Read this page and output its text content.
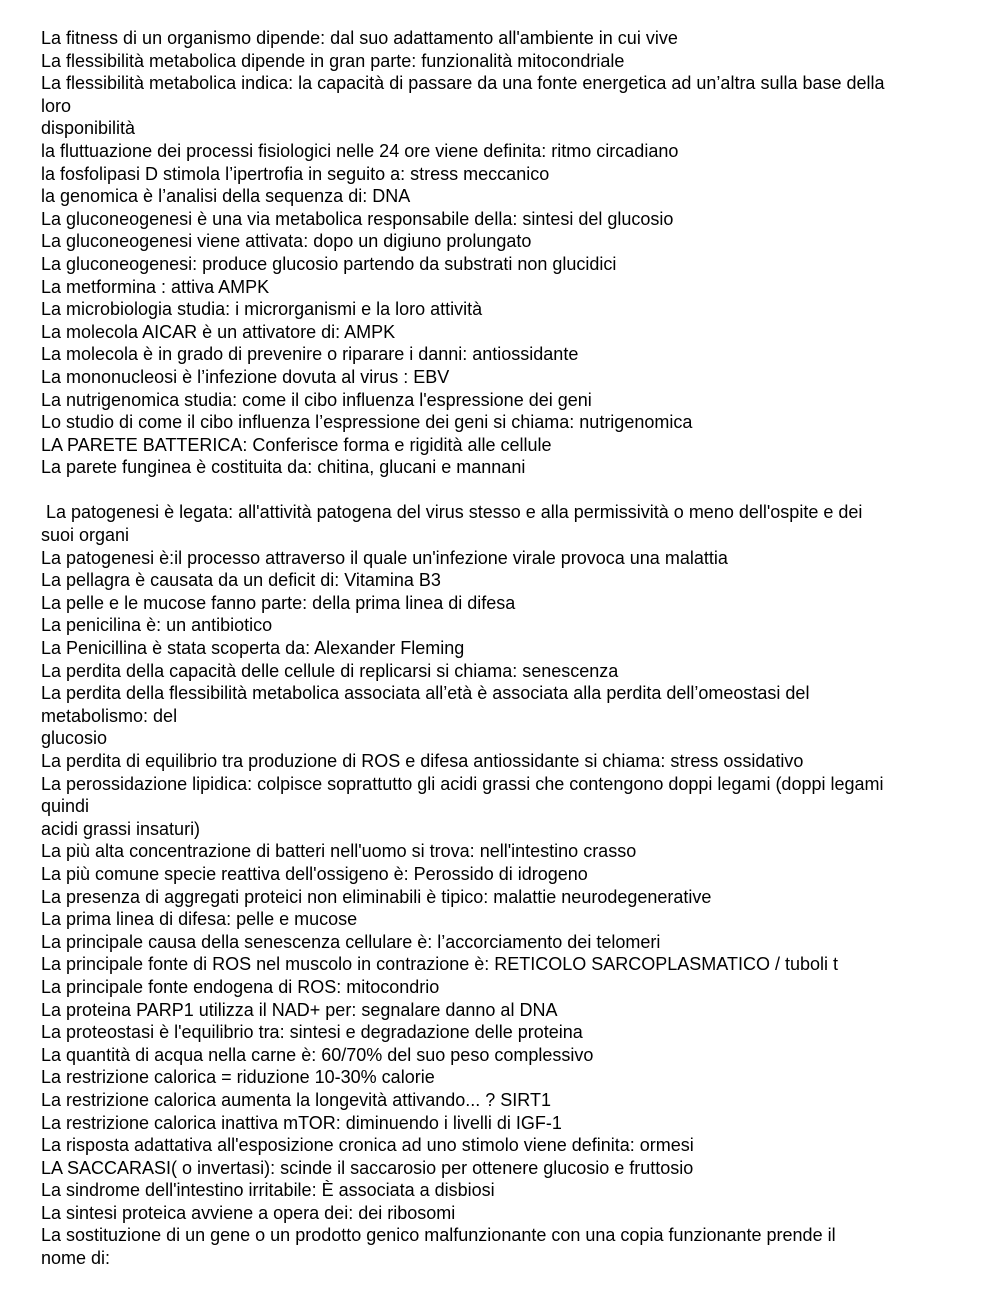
La fitness di un organismo dipende: dal suo adattamento all'ambiente in cui vive
La flessibilità metabolica dipende in gran parte: funzionalità mitocondriale
La flessibilità metabolica indica: la capacità di passare da una fonte energetica ad un’altra sulla base della
loro
disponibilità
la fluttuazione dei processi fisiologici nelle 24 ore viene definita: ritmo circadiano
la fosfolipasi D stimola l’ipertrofia in seguito a: stress meccanico
la genomica è l’analisi della sequenza di: DNA
La gluconeogenesi è una via metabolica responsabile della: sintesi del glucosio
La gluconeogenesi viene attivata: dopo un digiuno prolungato
La gluconeogenesi: produce glucosio partendo da substrati non glucidici
La metformina : attiva AMPK
La microbiologia studia: i microrganismi e la loro attività
La molecola AICAR è un attivatore di: AMPK
La molecola è in grado di prevenire o riparare i danni: antiossidante
La mononucleosi è l’infezione dovuta al virus : EBV
La nutrigenomica studia: come il cibo influenza l'espressione dei geni
Lo studio di come il cibo influenza l’espressione dei geni si chiama: nutrigenomica
LA PARETE BATTERICA: Conferisce forma e rigidità alle cellule
La parete funginea è costituita da: chitina, glucani e mannani
La patogenesi è legata: all'attività patogena del virus stesso e alla permissività o meno dell'ospite e dei
suoi organi
La patogenesi è:il processo attraverso il quale un'infezione virale provoca una malattia
La pellagra è causata da un deficit di: Vitamina B3
La pelle e le mucose fanno parte: della prima linea di difesa
La penicilina è: un antibiotico
La Penicillina è stata scoperta da: Alexander Fleming
La perdita della capacità delle cellule di replicarsi si chiama: senescenza
La perdita della flessibilità metabolica associata all’età è associata alla perdita dell’omeostasi del
metabolismo: del
glucosio
La perdita di equilibrio tra produzione di ROS e difesa antiossidante si chiama: stress ossidativo
La perossidazione lipidica: colpisce soprattutto gli acidi grassi che contengono doppi legami (doppi legami
quindi
acidi grassi insaturi)
La più alta concentrazione di batteri nell'uomo si trova: nell'intestino crasso
La più comune specie reattiva dell'ossigeno è: Perossido di idrogeno
La presenza di aggregati proteici non eliminabili è tipico: malattie neurodegenerative
La prima linea di difesa: pelle e mucose
La principale causa della senescenza cellulare è: l’accorciamento dei telomeri
La principale fonte di ROS nel muscolo in contrazione è: RETICOLO SARCOPLASMATICO / tuboli t
La principale fonte endogena di ROS: mitocondrio
La proteina PARP1 utilizza il NAD+ per: segnalare danno al DNA
La proteostasi è l'equilibrio tra: sintesi e degradazione delle proteina
La quantità di acqua nella carne è: 60/70% del suo peso complessivo
La restrizione calorica = riduzione 10-30% calorie
La restrizione calorica aumenta la longevità attivando... ? SIRT1
La restrizione calorica inattiva mTOR: diminuendo i livelli di IGF-1
La risposta adattativa all'esposizione cronica ad uno stimolo viene definita: ormesi
LA SACCARASI( o invertasi): scinde il saccarosio per ottenere glucosio e fruttosio
La sindrome dell'intestino irritabile: È associata a disbiosi
La sintesi proteica avviene a opera dei: dei ribosomi
La sostituzione di un gene o un prodotto genico malfunzionante con una copia funzionante prende il
nome di:
